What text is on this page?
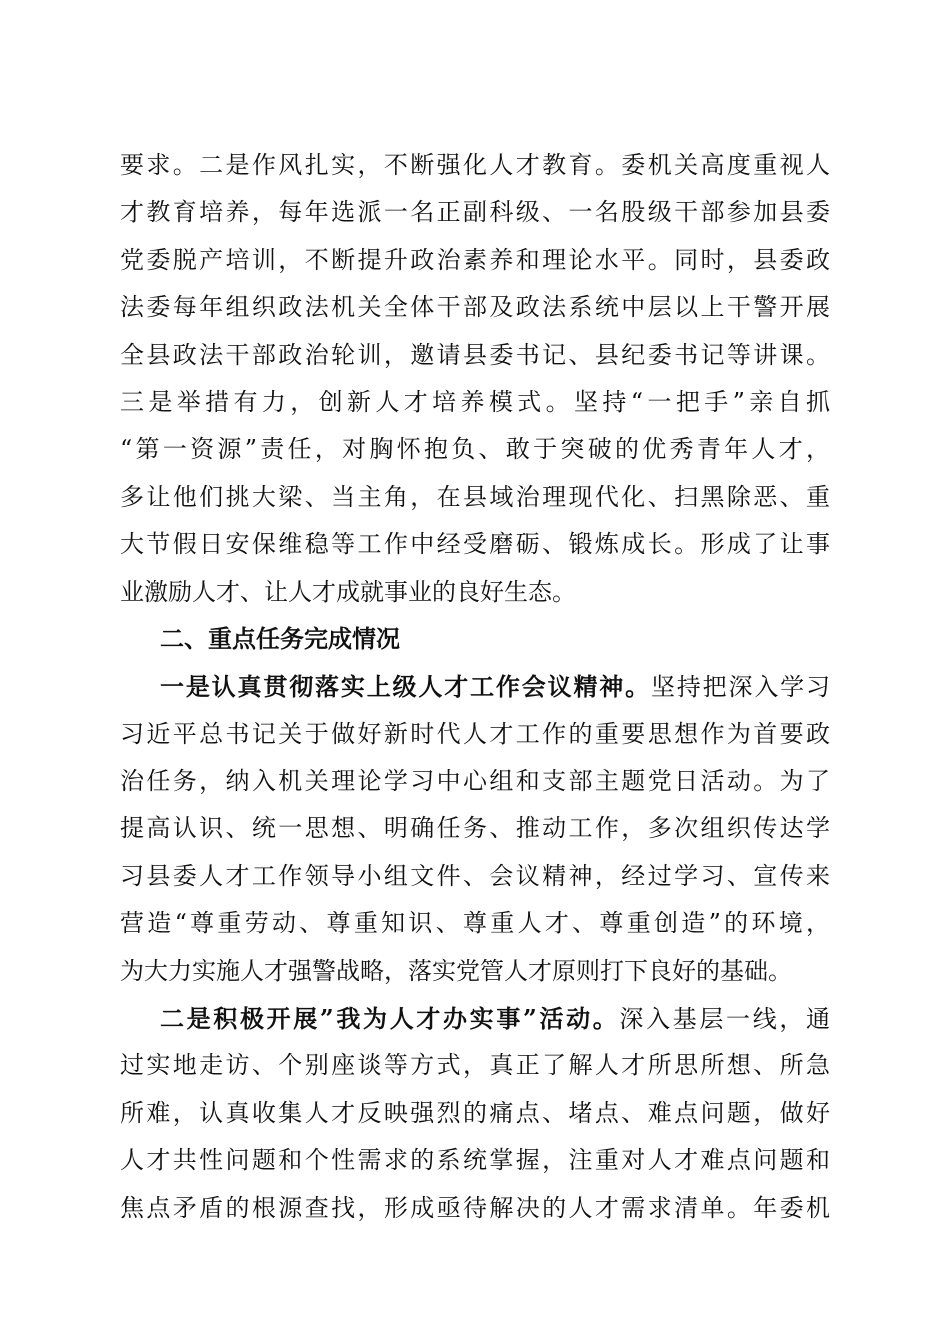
要求。二是作风扎实，不断强化人才教育。委机关高度重视人
才教育培养，每年选派一名正副科级、一名股级干部参加县委
党委脱产培训，不断提升政治素养和理论水平。同时，县委政
法委每年组织政法机关全体干部及政法系统中层以上干警开展
全县政法干部政治轮训，邀请县委书记、县纪委书记等讲课。
三是举措有力，创新人才培养模式。坚持“一把手”亲自抓
“第一资源”责任，对胸怀抱负、敢于突破的优秀青年人才，
多让他们挑大梁、当主角，在县域治理现代化、扫黑除恶、重
大节假日安保维稳等工作中经受磨砺、锻炼成长。形成了让事
业激励人才、让人才成就事业的良好生态。
二、重点任务完成情况
一是认真贯彻落实上级人才工作会议精神。坚持把深入学习
习近平总书记关于做好新时代人才工作的重要思想作为首要政
治任务，纳入机关理论学习中心组和支部主题党日活动。为了
提高认识、统一思想、明确任务、推动工作，多次组织传达学
习县委人才工作领导小组文件、会议精神，经过学习、宣传来
营造“尊重劳动、尊重知识、尊重人才、尊重创造”的环境，
为大力实施人才强警战略，落实党管人才原则打下良好的基础。
二是积极开展”我为人才办实事”活动。深入基层一线，通
过实地走访、个别座谈等方式，真正了解人才所思所想、所急
所难，认真收集人才反映强烈的痛点、堵点、难点问题，做好
人才共性问题和个性需求的系统掌握，注重对人才难点问题和
焦点矛盾的根源查找，形成亟待解决的人才需求清单。年委机
